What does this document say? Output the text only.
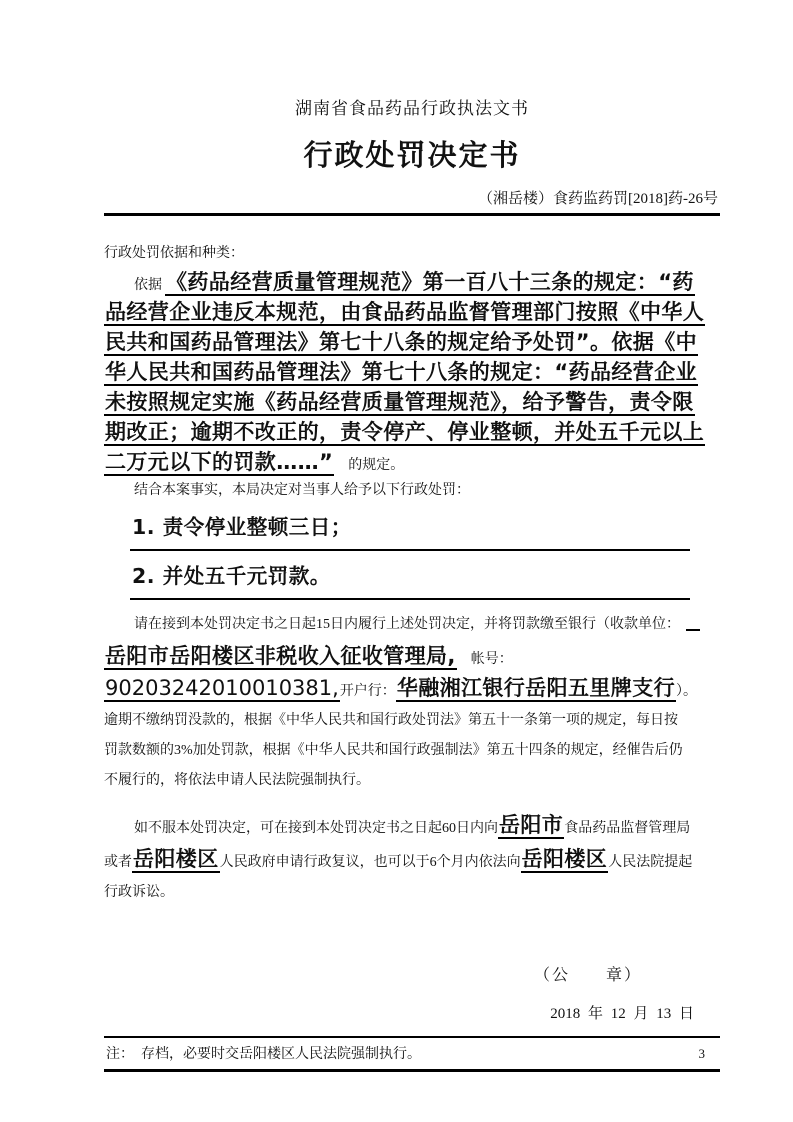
湖南省食品药品行政执法文书
行政处罚决定书
（湘岳楼）食药监药罚[2018]药-26号
行政处罚依据和种类：
依据 《药品经营质量管理规范》第一百八十三条的规定：“药
品经营企业违反本规范，由食品药品监督管理部门按照《中华人
民共和国药品管理法》第七十八条的规定给予处罚”。依据《中
华人民共和国药品管理法》第七十八条的规定：“药品经营企业
未按照规定实施《药品经营质量管理规范》，给予警告，责令限
期改正；逾期不改正的，责令停产、停业整顿，并处五千元以上
二万元以下的罚款……”　的规定。
结合本案事实，本局决定对当事人给予以下行政处罚：
1. 责令停业整顿三日；
2. 并处五千元罚款。
请在接到本处罚决定书之日起15日内履行上述处罚决定，并将罚款缴至银行（收款单位：
岳阳市岳阳楼区非税收入征收管理局,　帐号：
90203242010010381,开户行：华融湘江银行岳阳五里牌支行）。
逾期不缴纳罚没款的，根据《中华人民共和国行政处罚法》第五十一条第一项的规定，每日按
罚款数额的3%加处罚款，根据《中华人民共和国行政强制法》第五十四条的规定，经催告后仍
不履行的，将依法申请人民法院强制执行。
如不服本处罚决定，可在接到本处罚决定书之日起60日内向岳阳市食品药品监督管理局
或者岳阳楼区人民政府申请行政复议，也可以于6个月内依法向岳阳楼区人民法院提起
行政诉讼。
（公　　章）
2018 年 12 月 13 日
注：　存档，必要时交岳阳楼区人民法院强制执行。	3
